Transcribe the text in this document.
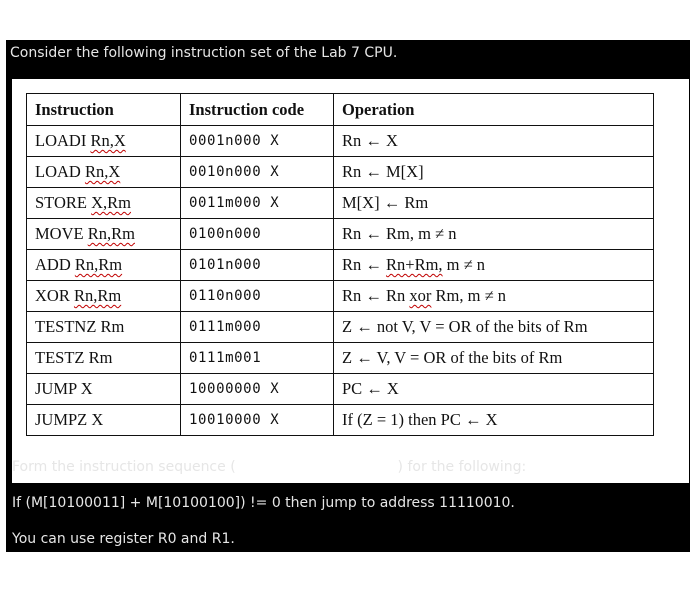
Consider the following instruction set of the Lab 7 CPU.
Instruction	Instruction code	Operation
LOADI Rn,X	0001n000 X	Rn ← X
LOAD Rn,X	0010n000 X	Rn ← M[X]
STORE X,Rm	0011m000 X	M[X] ← Rm
MOVE Rn,Rm	0100n000	Rn ← Rm, m ≠ n
ADD Rn,Rm	0101n000	Rn ← Rn+Rm, m ≠ n
XOR Rn,Rm	0110n000	Rn ← Rn xor Rm, m ≠ n
TESTNZ Rm	0111m000	Z ← not V, V = OR of the bits of Rm
TESTZ Rm	0111m001	Z ← V, V = OR of the bits of Rm
JUMP X	10000000 X	PC ← X
JUMPZ X	10010000 X	If (Z = 1) then PC ← X
Form the instruction sequence (machine code in hex) for the following:
If (M[10100011] + M[10100100]) != 0 then jump to address 11110010.
You can use register R0 and R1.
